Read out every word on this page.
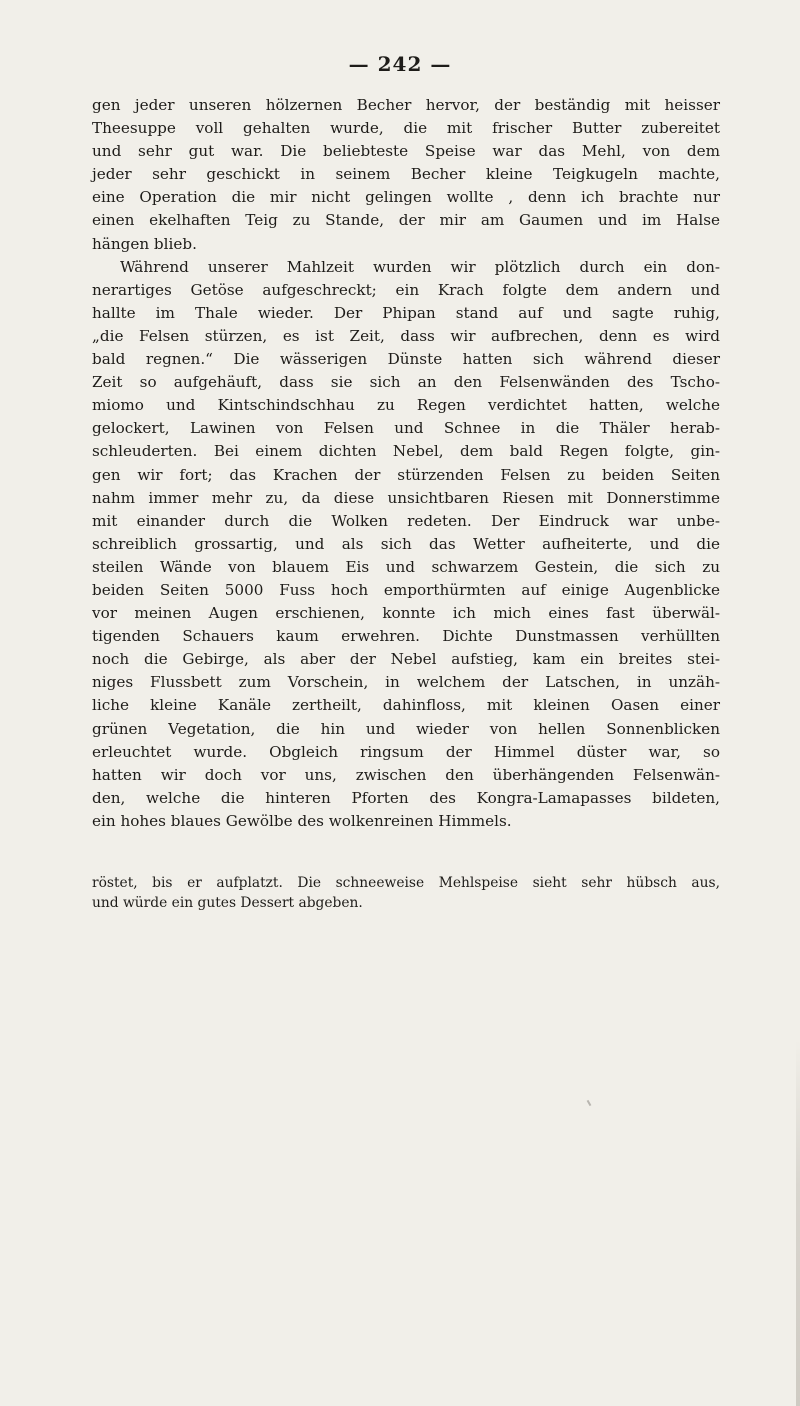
— 242 —
gen jeder unseren hölzernen Becher hervor, der beständig mit heisser
Theesuppe voll gehalten wurde, die mit frischer Butter zubereitet
und sehr gut war. Die beliebteste Speise war das Mehl, von dem
jeder sehr geschickt in seinem Becher kleine Teigkugeln machte,
eine Operation die mir nicht gelingen wollte , denn ich brachte nur
einen ekelhaften Teig zu Stande, der mir am Gaumen und im Halse
hängen blieb.
Während unserer Mahlzeit wurden wir plötzlich durch ein don-
nerartiges Getöse aufgeschreckt; ein Krach folgte dem andern und
hallte im Thale wieder. Der Phipan stand auf und sagte ruhig,
„die Felsen stürzen, es ist Zeit, dass wir aufbrechen, denn es wird
bald regnen.“ Die wässerigen Dünste hatten sich während dieser
Zeit so aufgehäuft, dass sie sich an den Felsenwänden des Tscho-
miomo und Kintschindschhau zu Regen verdichtet hatten, welche
gelockert, Lawinen von Felsen und Schnee in die Thäler herab-
schleuderten. Bei einem dichten Nebel, dem bald Regen folgte, gin-
gen wir fort; das Krachen der stürzenden Felsen zu beiden Seiten
nahm immer mehr zu, da diese unsichtbaren Riesen mit Donnerstimme
mit einander durch die Wolken redeten. Der Eindruck war unbe-
schreiblich grossartig, und als sich das Wetter aufheiterte, und die
steilen Wände von blauem Eis und schwarzem Gestein, die sich zu
beiden Seiten 5000 Fuss hoch emporthürmten auf einige Augenblicke
vor meinen Augen erschienen, konnte ich mich eines fast überwäl-
tigenden Schauers kaum erwehren. Dichte Dunstmassen verhüllten
noch die Gebirge, als aber der Nebel aufstieg, kam ein breites stei-
niges Flussbett zum Vorschein, in welchem der Latschen, in unzäh-
liche kleine Kanäle zertheilt, dahinfloss, mit kleinen Oasen einer
grünen Vegetation, die hin und wieder von hellen Sonnenblicken
erleuchtet wurde. Obgleich ringsum der Himmel düster war, so
hatten wir doch vor uns, zwischen den überhängenden Felsenwän-
den, welche die hinteren Pforten des Kongra-Lamapasses bildeten,
ein hohes blaues Gewölbe des wolkenreinen Himmels.
röstet, bis er aufplatzt. Die schneeweise Mehlspeise sieht sehr hübsch aus,
und würde ein gutes Dessert abgeben.
